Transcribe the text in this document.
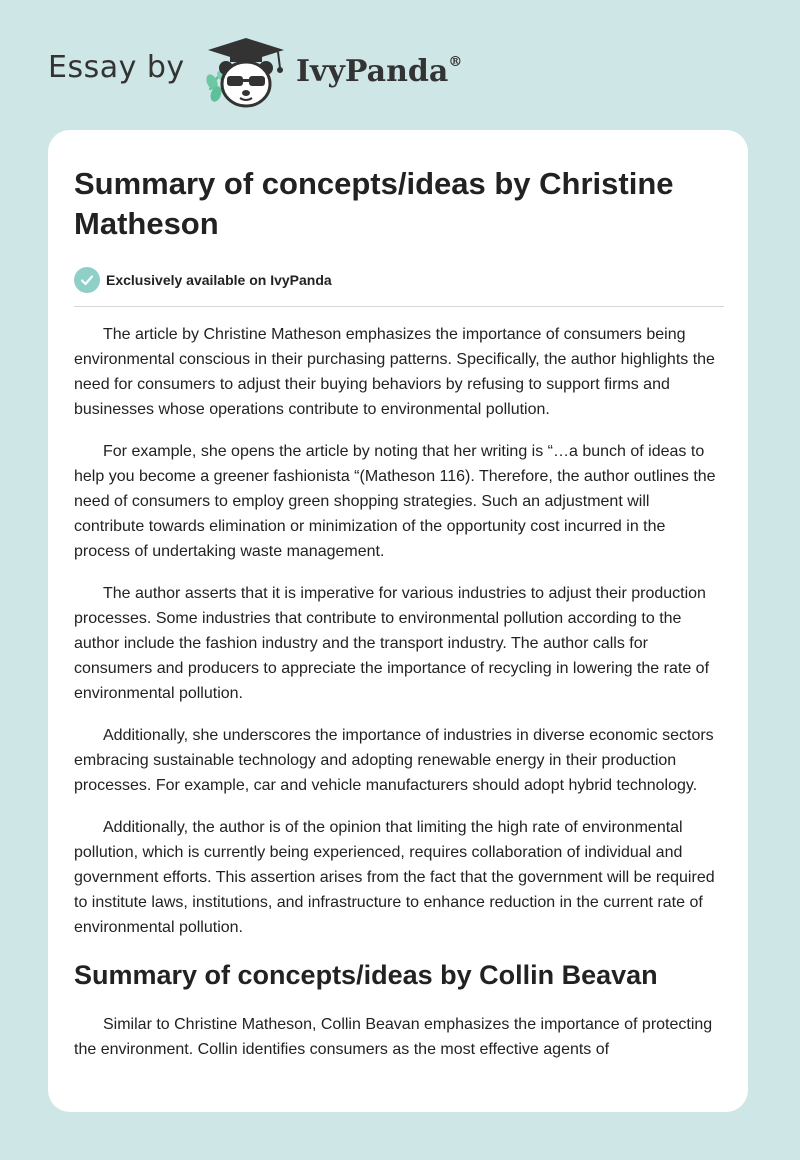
Essay by	IvyPanda®
Summary of concepts/ideas by Christine Matheson
Exclusively available on IvyPanda

The article by Christine Matheson emphasizes the importance of consumers being environmental conscious in their purchasing patterns. Specifically, the author highlights the need for consumers to adjust their buying behaviors by refusing to support firms and businesses whose operations contribute to environmental pollution.

For example, she opens the article by noting that her writing is “…a bunch of ideas to help you become a greener fashionista “(Matheson 116). Therefore, the author outlines the need of consumers to employ green shopping strategies. Such an adjustment will contribute towards elimination or minimization of the opportunity cost incurred in the process of undertaking waste management.

The author asserts that it is imperative for various industries to adjust their production processes. Some industries that contribute to environmental pollution according to the author include the fashion industry and the transport industry. The author calls for consumers and producers to appreciate the importance of recycling in lowering the rate of environmental pollution.

Additionally, she underscores the importance of industries in diverse economic sectors embracing sustainable technology and adopting renewable energy in their production processes. For example, car and vehicle manufacturers should adopt hybrid technology.

Additionally, the author is of the opinion that limiting the high rate of environmental pollution, which is currently being experienced, requires collaboration of individual and government efforts. This assertion arises from the fact that the government will be required to institute laws, institutions, and infrastructure to enhance reduction in the current rate of environmental pollution.

Summary of concepts/ideas by Collin Beavan

Similar to Christine Matheson, Collin Beavan emphasizes the importance of protecting the environment. Collin identifies consumers as the most effective agents of
